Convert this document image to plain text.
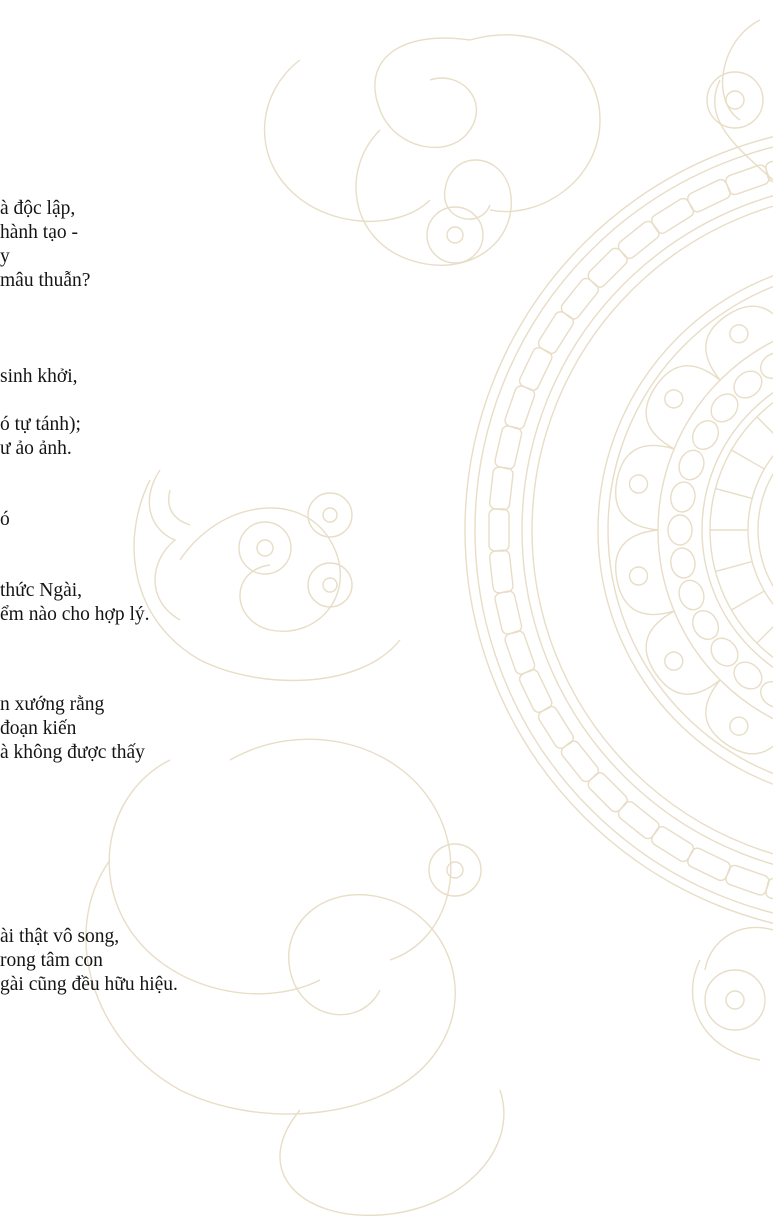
à độc lập,
hành tạo -
y
mâu thuẫn?
sinh khởi,
ó tự tánh);
ư ảo ảnh.
ó
thức Ngài,
ểm nào cho hợp lý.
n xướng rằng
đoạn kiến
à không được thấy
ài thật vô song,
rong tâm con
gài cũng đều hữu hiệu.
